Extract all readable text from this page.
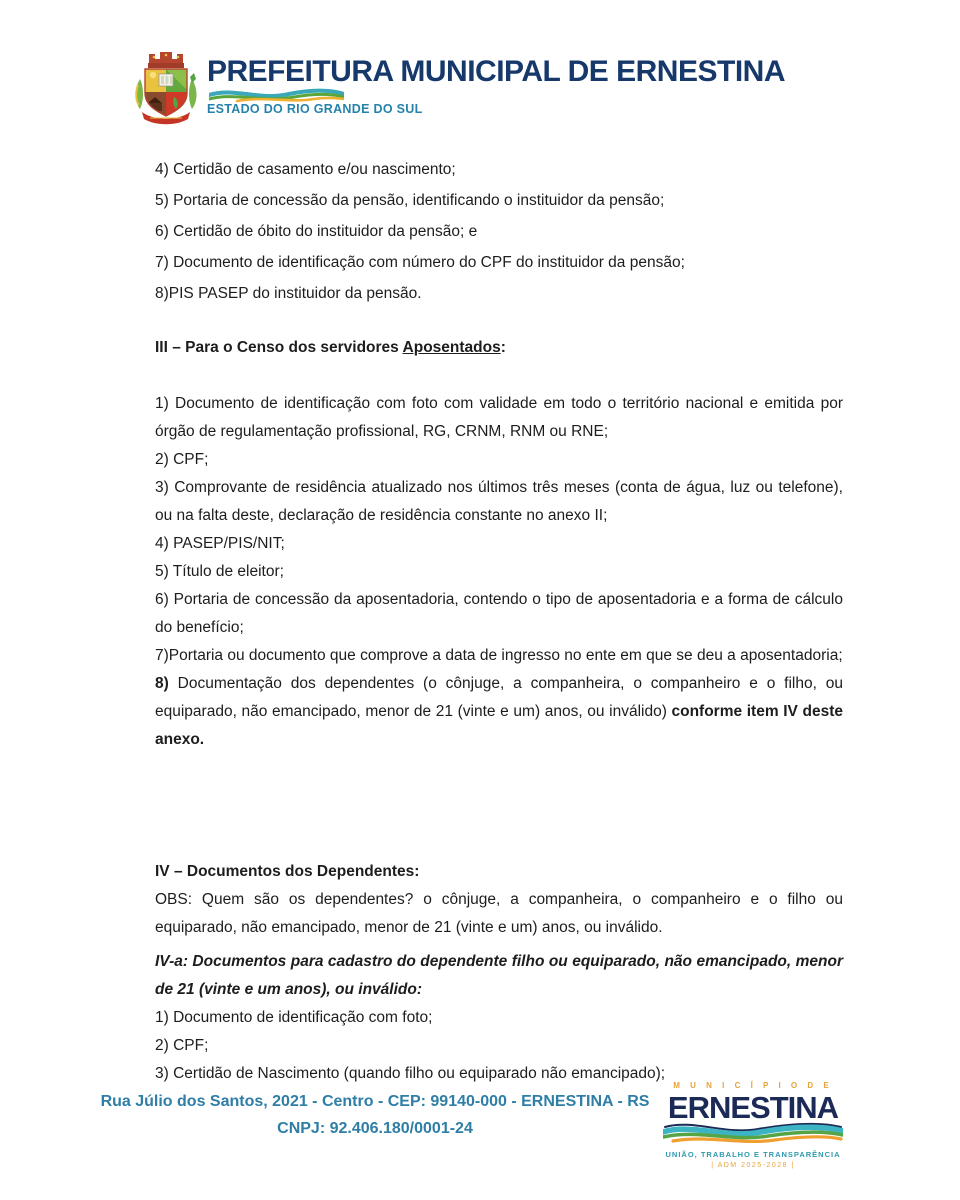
PREFEITURA MUNICIPAL DE ERNESTINA
ESTADO DO RIO GRANDE DO SUL

4) Certidão de casamento e/ou nascimento;

5) Portaria de concessão da pensão, identificando o instituidor da pensão;

6) Certidão de óbito do instituidor da pensão; e

7) Documento de identificação com número do CPF do instituidor da pensão;

8)PIS PASEP do instituidor da pensão.

III – Para o Censo dos servidores Aposentados:

1) Documento de identificação com foto com validade em todo o território nacional e emitida por órgão de regulamentação profissional, RG, CRNM, RNM ou RNE;

2) CPF;

3) Comprovante de residência atualizado nos últimos três meses (conta de água, luz ou telefone), ou na falta deste, declaração de residência constante no anexo II;

4) PASEP/PIS/NIT;

5) Título de eleitor;

6) Portaria de concessão da aposentadoria, contendo o tipo de aposentadoria e a forma de cálculo do benefício;

7)Portaria ou documento que comprove a data de ingresso no ente em que se deu a aposentadoria;

8) Documentação dos dependentes (o cônjuge, a companheira, o companheiro e o filho, ou equiparado, não emancipado, menor de 21 (vinte e um) anos, ou inválido) conforme item IV deste anexo.

IV – Documentos dos Dependentes:

OBS: Quem são os dependentes? o cônjuge, a companheira, o companheiro e o filho ou equiparado, não emancipado, menor de 21 (vinte e um) anos, ou inválido.

IV-a: Documentos para cadastro do dependente filho ou equiparado, não emancipado, menor de 21 (vinte e um anos), ou inválido:

1) Documento de identificação com foto;

2) CPF;

3) Certidão de Nascimento (quando filho ou equiparado não emancipado);

Rua Júlio dos Santos, 2021 - Centro - CEP: 99140-000 - ERNESTINA - RS
CNPJ: 92.406.180/0001-24
M U N I C Í P I O D E
ERNESTINA
UNIÃO, TRABALHO E TRANSPARÊNCIA
| ADM 2025-2028 |
